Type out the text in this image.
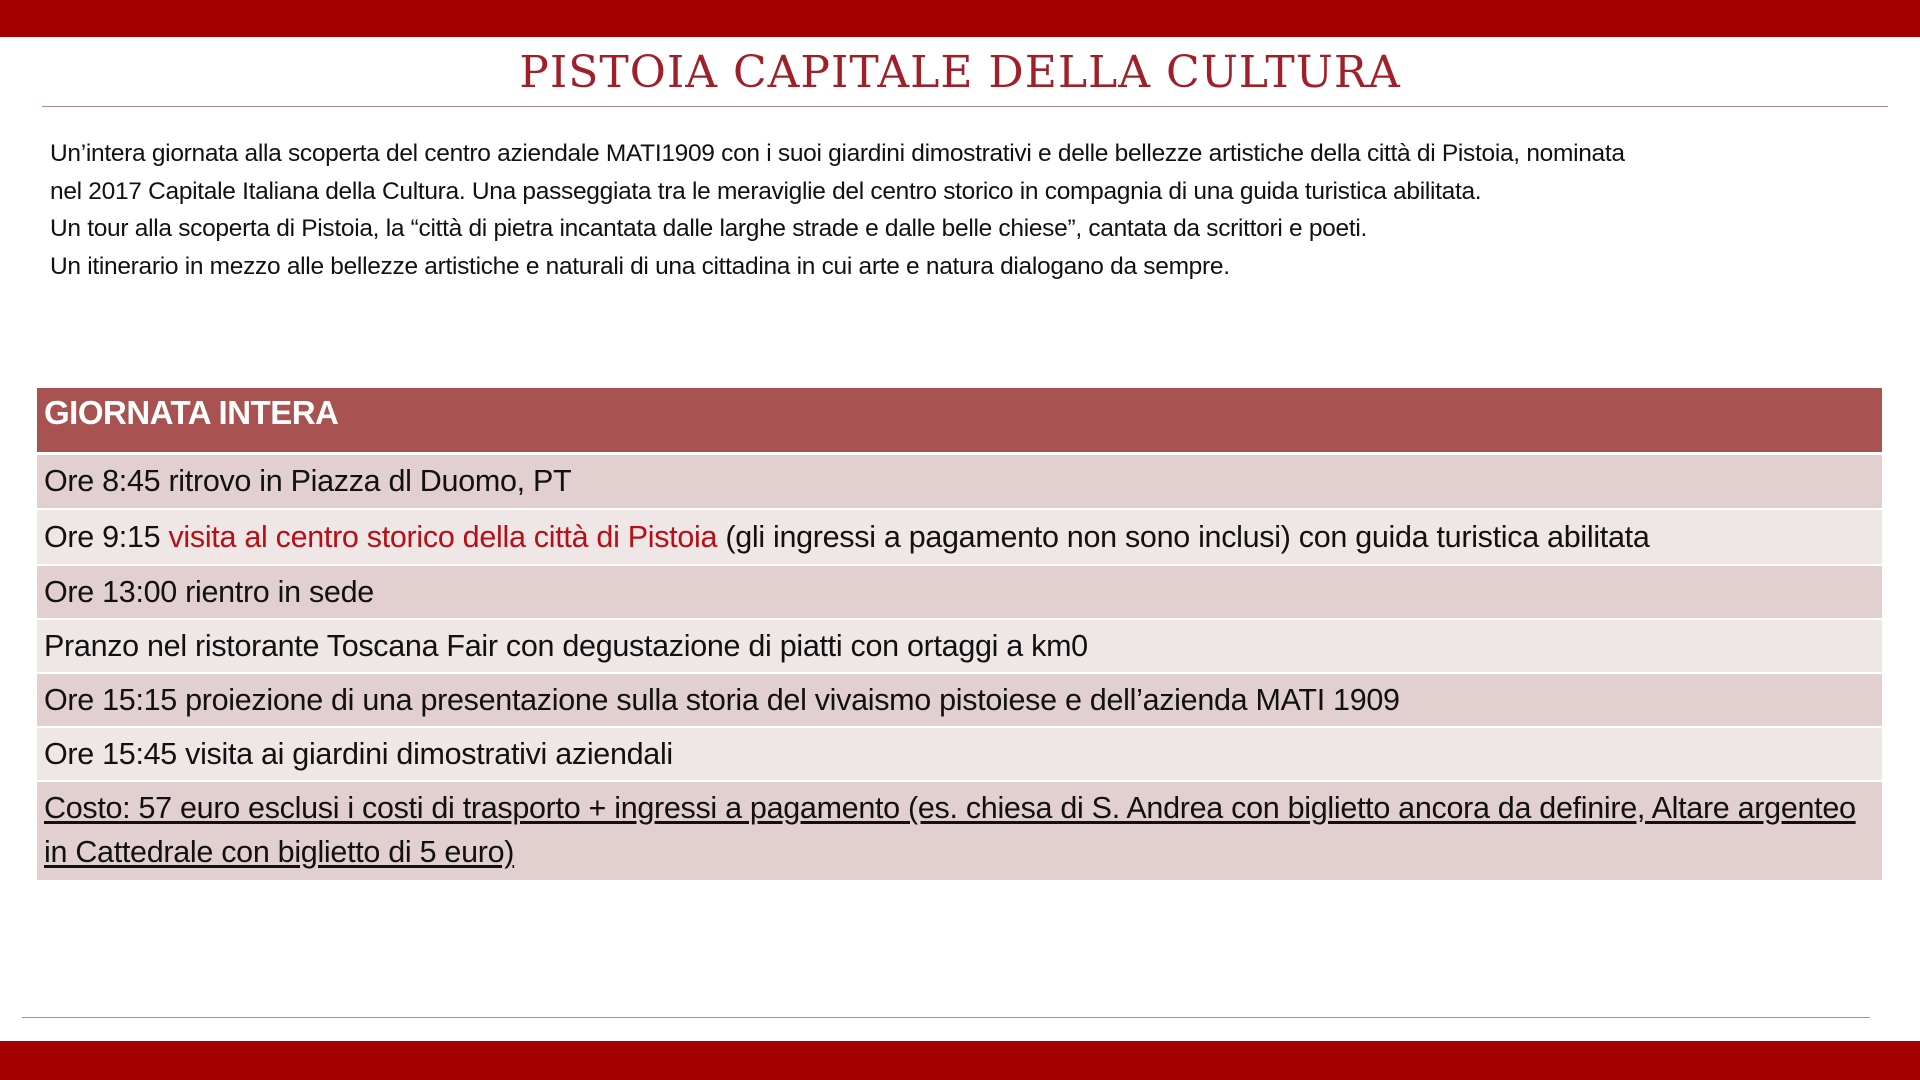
PISTOIA CAPITALE DELLA CULTURA

Un’intera giornata alla scoperta del centro aziendale MATI1909 con i suoi giardini dimostrativi e delle bellezze artistiche della città di Pistoia, nominata

nel 2017 Capitale Italiana della Cultura. Una passeggiata tra le meraviglie del centro storico in compagnia di una guida turistica abilitata.

Un tour alla scoperta di Pistoia, la “città di pietra incantata dalle larghe strade e dalle belle chiese”, cantata da scrittori e poeti.

Un itinerario in mezzo alle bellezze artistiche e naturali di una cittadina in cui arte e natura dialogano da sempre.

GIORNATA INTERA
Ore 8:45 ritrovo in Piazza dl Duomo, PT
Ore 9:15 visita al centro storico della città di Pistoia (gli ingressi a pagamento non sono inclusi) con guida turistica abilitata
Ore 13:00 rientro in sede
Pranzo nel ristorante Toscana Fair con degustazione di piatti con ortaggi a km0
Ore 15:15 proiezione di una presentazione sulla storia del vivaismo pistoiese e dell’azienda MATI 1909
Ore 15:45 visita ai giardini dimostrativi aziendali
Costo: 57 euro esclusi i costi di trasporto + ingressi a pagamento (es. chiesa di S. Andrea con biglietto ancora da definire, Altare argenteo in Cattedrale con biglietto di 5 euro)
